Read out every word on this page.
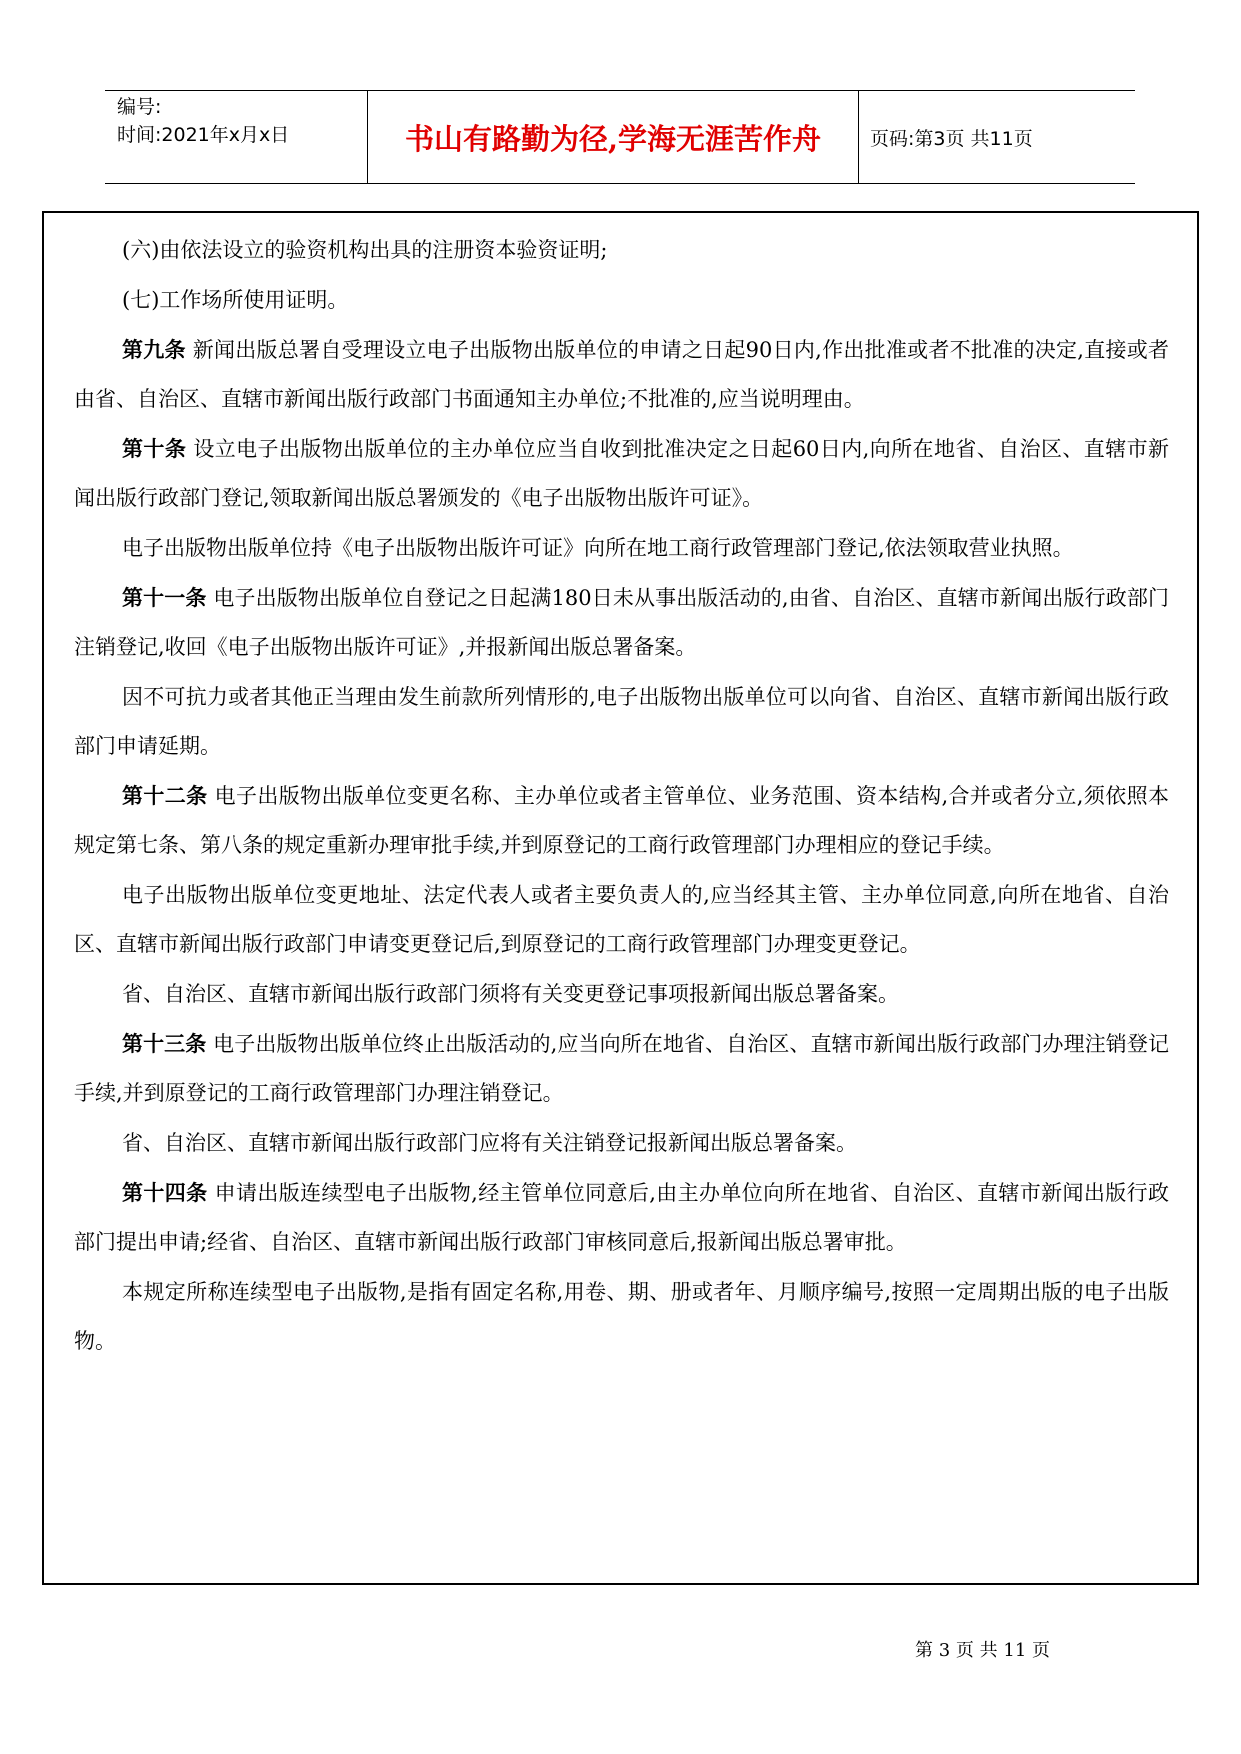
编号:
时间:2021年x月x日	书山有路勤为径,学海无涯苦作舟	页码:第3页 共11页

(六)由依法设立的验资机构出具的注册资本验资证明;

(七)工作场所使用证明。

第九条 新闻出版总署自受理设立电子出版物出版单位的申请之日起90日内,作出批准或者不批准的决定,直接或者由省、自治区、直辖市新闻出版行政部门书面通知主办单位;不批准的,应当说明理由。

第十条 设立电子出版物出版单位的主办单位应当自收到批准决定之日起60日内,向所在地省、自治区、直辖市新闻出版行政部门登记,领取新闻出版总署颁发的《电子出版物出版许可证》。

电子出版物出版单位持《电子出版物出版许可证》向所在地工商行政管理部门登记,依法领取营业执照。

第十一条 电子出版物出版单位自登记之日起满180日未从事出版活动的,由省、自治区、直辖市新闻出版行政部门注销登记,收回《电子出版物出版许可证》,并报新闻出版总署备案。

因不可抗力或者其他正当理由发生前款所列情形的,电子出版物出版单位可以向省、自治区、直辖市新闻出版行政部门申请延期。

第十二条 电子出版物出版单位变更名称、主办单位或者主管单位、业务范围、资本结构,合并或者分立,须依照本规定第七条、第八条的规定重新办理审批手续,并到原登记的工商行政管理部门办理相应的登记手续。

电子出版物出版单位变更地址、法定代表人或者主要负责人的,应当经其主管、主办单位同意,向所在地省、自治区、直辖市新闻出版行政部门申请变更登记后,到原登记的工商行政管理部门办理变更登记。

省、自治区、直辖市新闻出版行政部门须将有关变更登记事项报新闻出版总署备案。

第十三条 电子出版物出版单位终止出版活动的,应当向所在地省、自治区、直辖市新闻出版行政部门办理注销登记手续,并到原登记的工商行政管理部门办理注销登记。

省、自治区、直辖市新闻出版行政部门应将有关注销登记报新闻出版总署备案。

第十四条 申请出版连续型电子出版物,经主管单位同意后,由主办单位向所在地省、自治区、直辖市新闻出版行政部门提出申请;经省、自治区、直辖市新闻出版行政部门审核同意后,报新闻出版总署审批。

本规定所称连续型电子出版物,是指有固定名称,用卷、期、册或者年、月顺序编号,按照一定周期出版的电子出版物。

第 3 页 共 11 页
